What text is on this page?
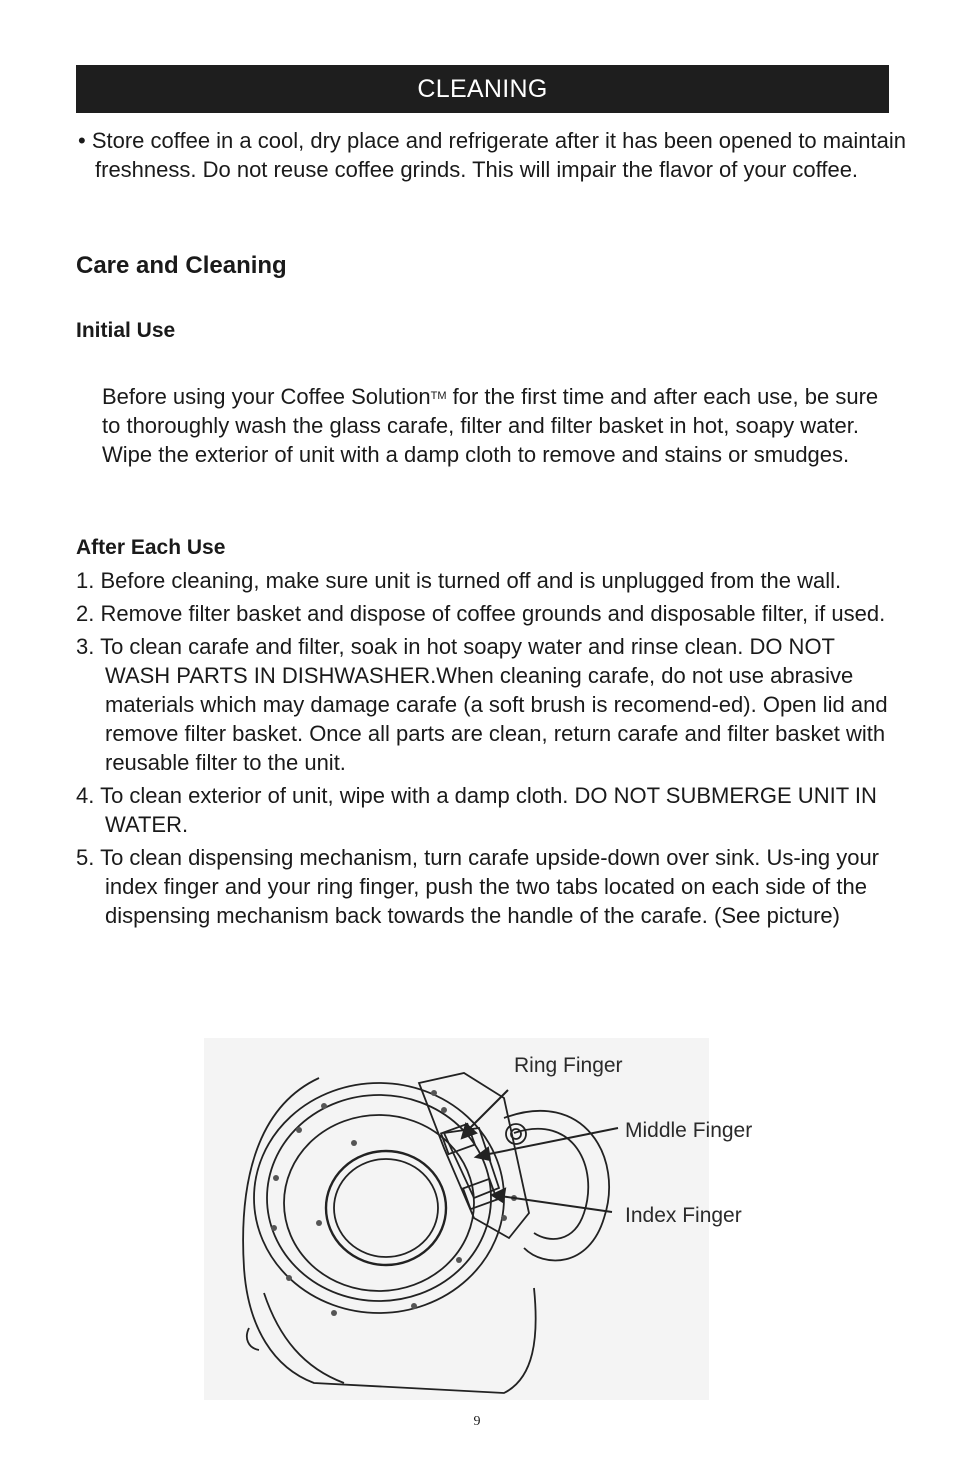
CLEANING
• Store coffee in a cool, dry place and refrigerate after it has been opened to maintain freshness. Do not reuse coffee grinds. This will impair the flavor of your coffee.
Care and Cleaning
Initial Use
Before using your Coffee Solution™ for the first time and after each use, be sure to thoroughly wash the glass carafe, filter and filter basket in hot, soapy water. Wipe the exterior of unit with a damp cloth to remove and stains or smudges.
After Each Use
1. Before cleaning, make sure unit is turned off and is unplugged from the wall.
2. Remove filter basket and dispose of coffee grounds and disposable filter, if used.
3. To clean carafe and filter, soak in hot soapy water and rinse clean. DO NOT WASH PARTS IN DISHWASHER.When cleaning carafe, do not use abrasive materials which may damage carafe (a soft brush is recomend-ed). Open lid and remove filter basket. Once all parts are clean, return carafe and filter basket with reusable filter to the unit.
4. To clean exterior of unit, wipe with a damp cloth. DO NOT SUBMERGE UNIT IN WATER.
5. To clean dispensing mechanism, turn carafe upside-down over sink. Us-ing your index finger and your ring finger, push the two tabs located on each side of the dispensing mechanism back towards the handle of the carafe. (See picture)
Ring Finger
Middle Finger
Index Finger
9
